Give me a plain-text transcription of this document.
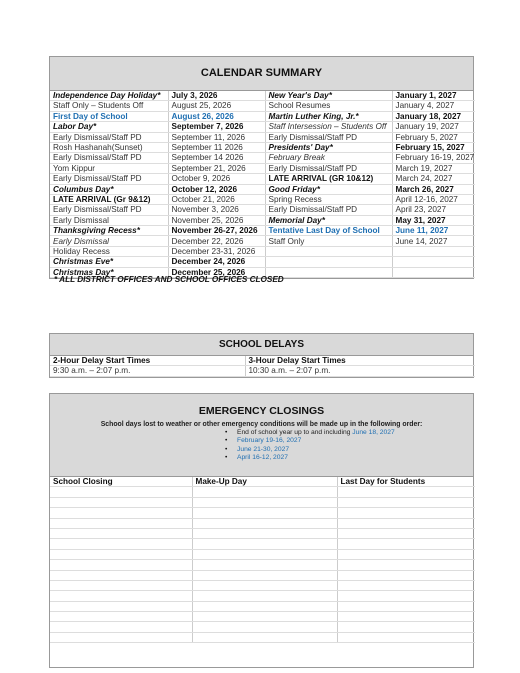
CALENDAR SUMMARY
Independence Day Holiday*	July 3, 2026	New Year's Day*	January 1, 2027
Staff Only – Students Off	August 25, 2026	School Resumes	January 4, 2027
First Day of School	August 26, 2026	Martin Luther King, Jr.*	January 18, 2027
Labor Day*	September 7, 2026	Staff Intersession – Students Off	January 19, 2027
Early Dismissal/Staff PD	September 11, 2026	Early Dismissal/Staff PD	February 5, 2027
Rosh Hashanah(Sunset)	September 11 2026	Presidents' Day*	February 15, 2027
Early Dismissal/Staff PD	September 14 2026	February Break	February 16-19, 2027
Yom Kippur	September 21, 2026	Early Dismissal/Staff PD	March 19, 2027
Early Dismissal/Staff PD	October 9, 2026	LATE ARRIVAL (GR 10&12)	March 24, 2027
Columbus Day*	October 12, 2026	Good Friday*	March 26, 2027
LATE ARRIVAL (Gr 9&12)	October 21, 2026	Spring Recess	April 12-16, 2027
Early Dismissal/Staff PD	November 3, 2026	Early Dismissal/Staff PD	April 23, 2027
Early Dismissal	November 25, 2026	Memorial Day*	May 31, 2027
Thanksgiving Recess*	November 26-27, 2026	Tentative Last Day of School	June 11, 2027
Early Dismissal	December 22, 2026	Staff Only	June 14, 2027
Holiday Recess	December 23-31, 2026		
Christmas Eve*	December 24, 2026		
Christmas Day*	December 25, 2026		
* ALL DISTRICT OFFICES AND SCHOOL OFFICES CLOSED
SCHOOL DELAYS
2-Hour Delay Start Times	3-Hour Delay Start Times
9:30 a.m. – 2:07 p.m.	10:30 a.m. – 2:07 p.m.
EMERGENCY CLOSINGS
School days lost to weather or other emergency conditions will be made up in the following order:
• End of school year up to and including June 18, 2027
• February 19-16, 2027
• June 21-30, 2027
• April 16-12, 2027
School Closing	Make-Up Day	Last Day for Students
